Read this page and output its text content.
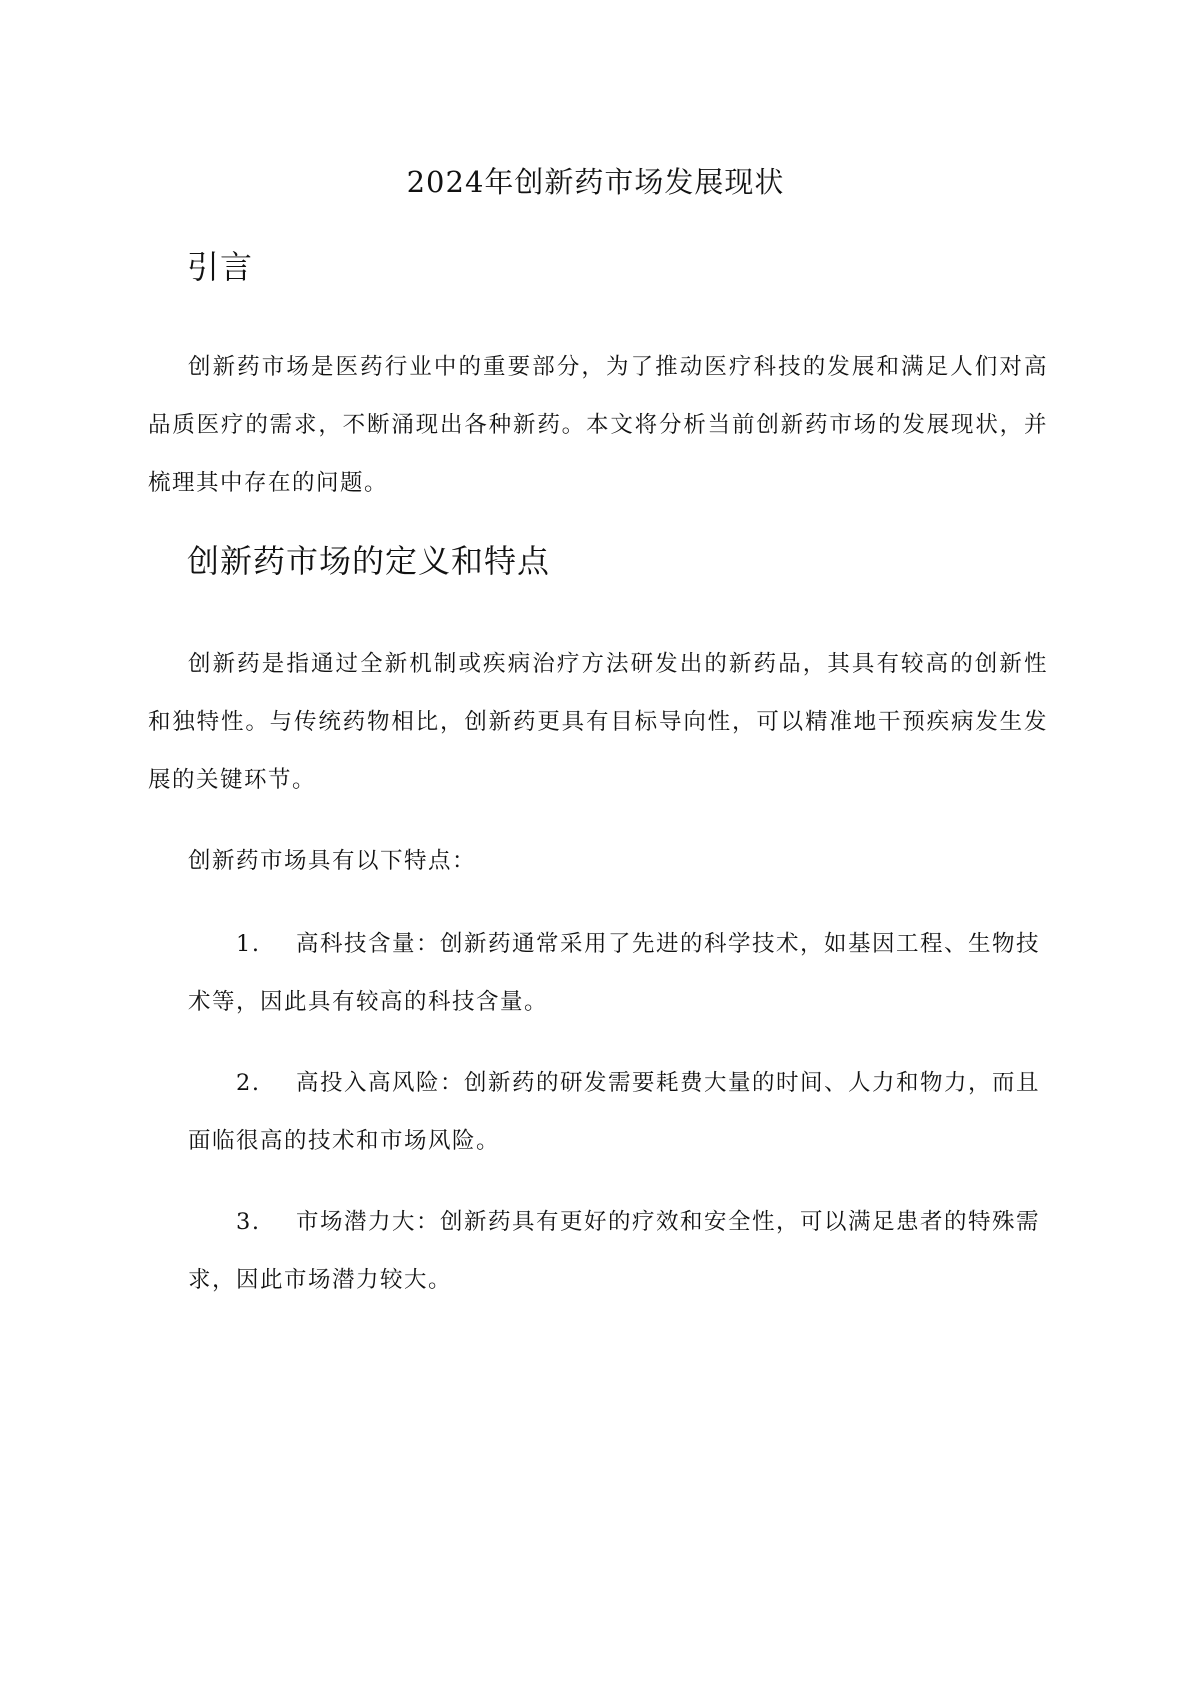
2024年创新药市场发展现状
引言
创新药市场是医药行业中的重要部分，为了推动医疗科技的发展和满足人们对高品质医疗的需求，不断涌现出各种新药。本文将分析当前创新药市场的发展现状，并梳理其中存在的问题。
创新药市场的定义和特点
创新药是指通过全新机制或疾病治疗方法研发出的新药品，其具有较高的创新性和独特性。与传统药物相比，创新药更具有目标导向性，可以精准地干预疾病发生发展的关键环节。
创新药市场具有以下特点：
1. 高科技含量：创新药通常采用了先进的科学技术，如基因工程、生物技术等，因此具有较高的科技含量。
2. 高投入高风险：创新药的研发需要耗费大量的时间、人力和物力，而且面临很高的技术和市场风险。
3. 市场潜力大：创新药具有更好的疗效和安全性，可以满足患者的特殊需求，因此市场潜力较大。
